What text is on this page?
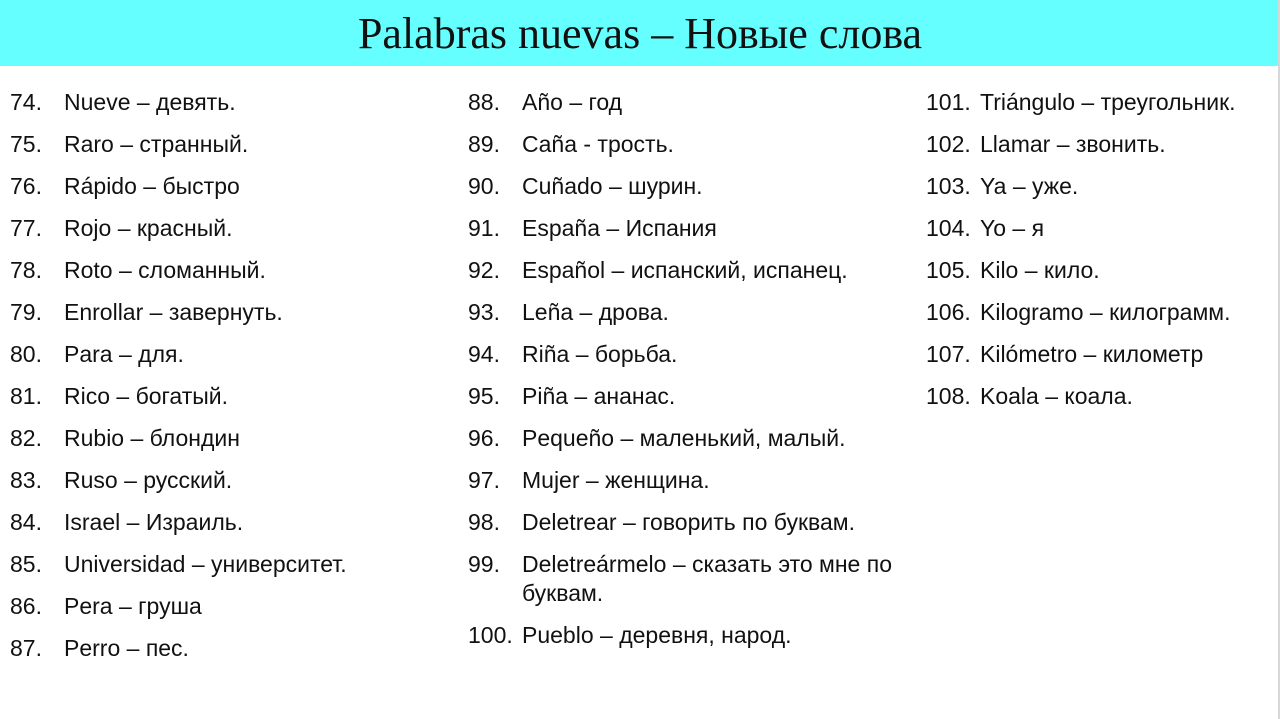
Palabras nuevas – Новые слова
74. Nueve – девять.
75. Raro – странный.
76. Rápido – быстро
77. Rojo – красный.
78. Roto – сломанный.
79. Enrollar – завернуть.
80. Para – для.
81. Rico – богатый.
82. Rubio – блондин
83. Ruso – русский.
84. Israel – Израиль.
85. Universidad – университет.
86. Pera – груша
87. Perro – пес.
88. Año – год
89. Caña - трость.
90. Cuñado – шурин.
91. España – Испания
92. Español – испанский, испанец.
93. Leña – дрова.
94. Riña – борьба.
95. Piña – ананас.
96. Pequeño – маленький, малый.
97. Mujer – женщина.
98. Deletrear – говорить по буквам.
99. Deletreármelo – сказать это мне по буквам.
100. Pueblo – деревня, народ.
101. Triángulo – треугольник.
102. Llamar – звонить.
103. Ya – уже.
104. Yo – я
105. Kilo – кило.
106. Kilogramo – килограмм.
107. Kilómetro – километр
108. Koala – коала.
